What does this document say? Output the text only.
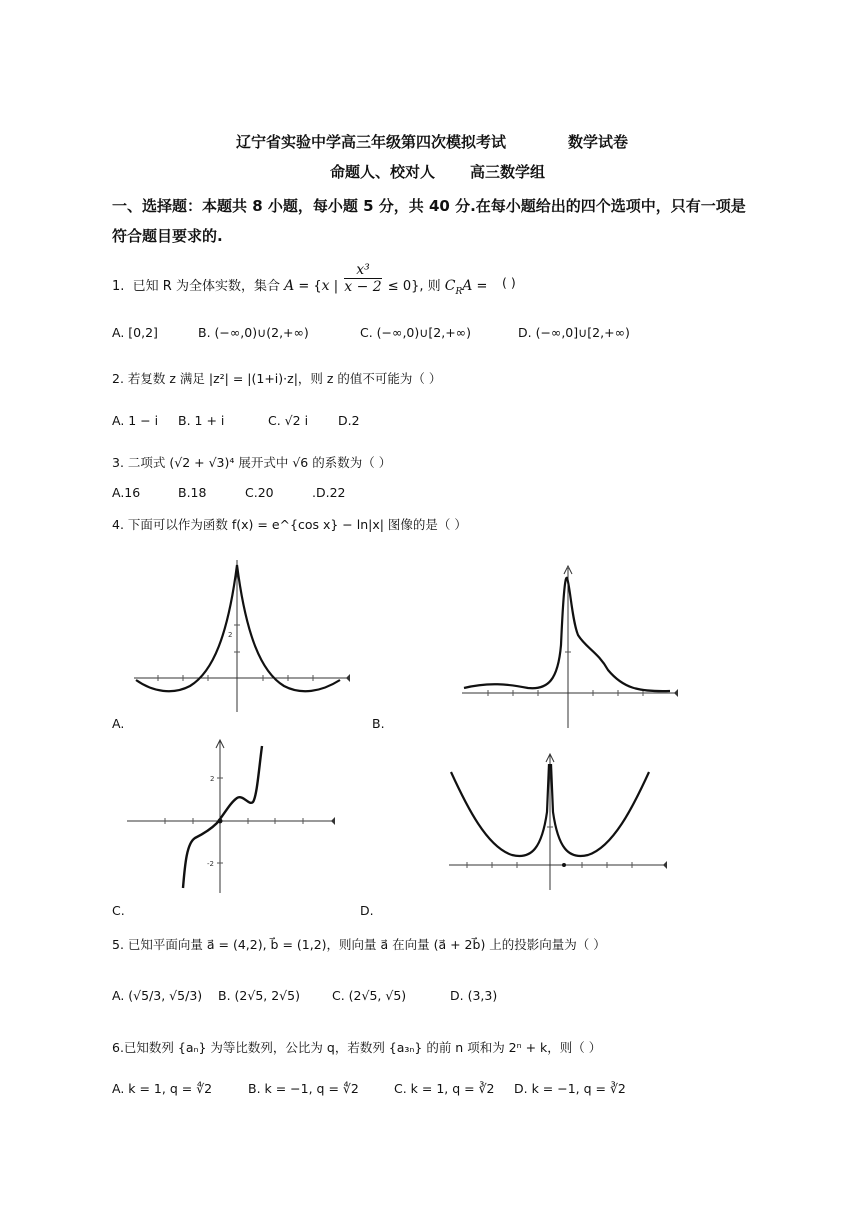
辽宁省实验中学高三年级第四次模拟考试	数学试卷
命题人、校对人 高三数学组
一、选择题：本题共 8 小题，每小题 5 分，共 40 分.在每小题给出的四个选项中，只有一项是
符合题目要求的.
1.  已知 R 为全体实数，集合 A = {x | $\frac{\text{x³}}{x - 2} \le 0$}, 则 $C_RA$ = ( )
A. [0,2]	B. (−∞,0)∪(2,+∞)	C. (−∞,0)∪[2,+∞)	D. (−∞,0]∪[2,+∞)
2. 若复数 z 满足 |z²| = |(1+i)·z|，则 z 的值不可能为（ ）
A. 1 − i B. 1 + i	C. √2 i D.2
3. 二项式 (√2 + √3)⁴ 展开式中 √6 的系数为（ ）
A.16	B.18	C.20	.D.22
4. 下面可以作为函数 f(x) = e^{cos x} − ln|x| 图像的是（ ）
2
A.	B.
2
-2
C.	D.
5. 已知平面向量 a⃗ = (4,2), b⃗ = (1,2)，则向量 a⃗ 在向量 (a⃗ + 2b⃗) 上的投影向量为（ ）
A. (√5/3, √5/3) B. (2√5, 2√5)	C. (2√5, √5)	D. (3,3)
6.已知数列 {aₙ} 为等比数列，公比为 q，若数列 {a₃ₙ} 的前 n 项和为 2ⁿ + k，则（ ）
A. k = 1, q = ∜2	B. k = −1, q = ∜2	C. k = 1, q = ∛2 D. k = −1, q = ∛2
